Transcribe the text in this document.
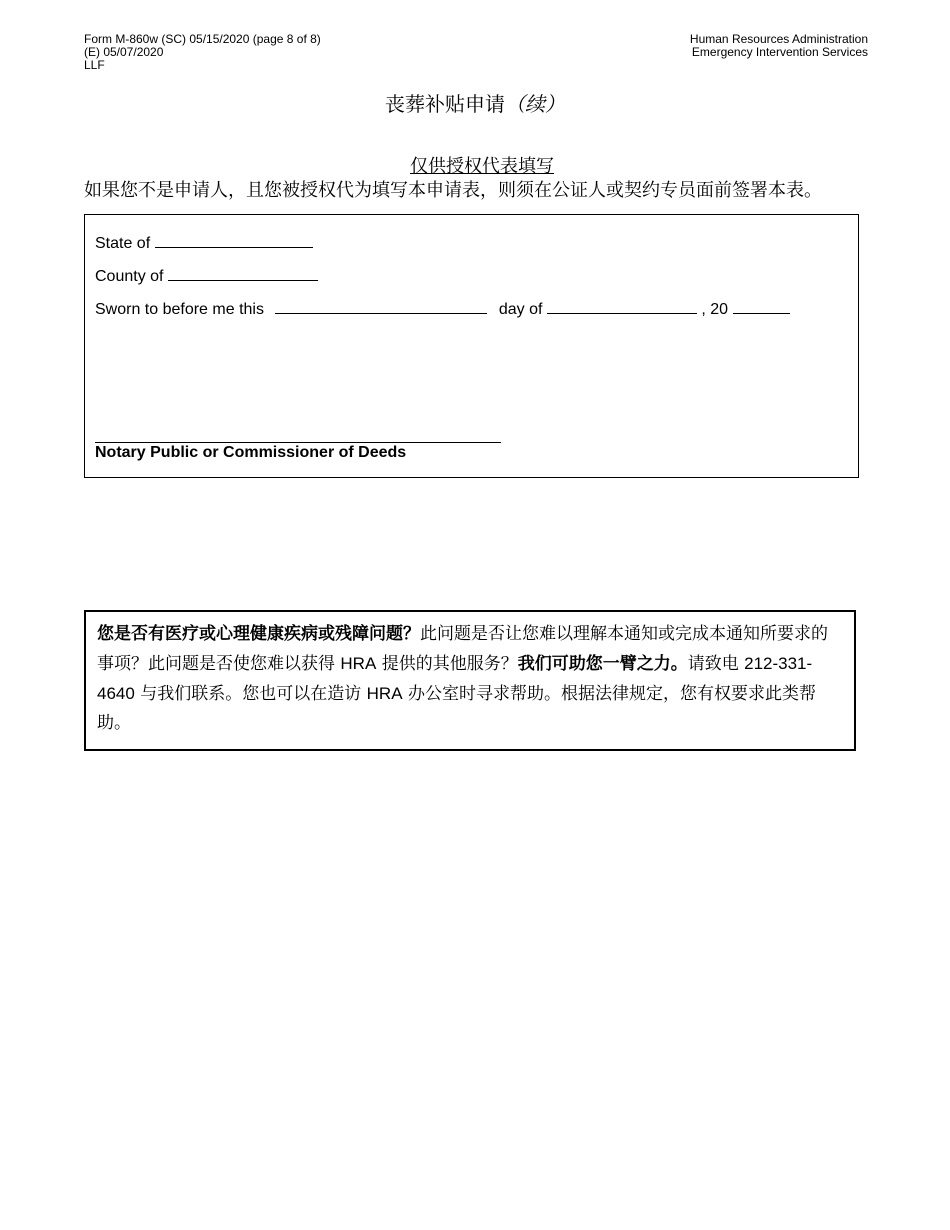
Form M-860w (SC) 05/15/2020 (page 8 of 8)
(E) 05/07/2020
LLF
Human Resources Administration
Emergency Intervention Services
丧葬补贴申请（续）
仅供授权代表填写
如果您不是申请人，且您被授权代为填写本申请表，则须在公证人或契约专员面前签署本表。
State of
County of
Sworn to before me this	day of	, 20
Notary Public or Commissioner of Deeds
您是否有医疗或心理健康疾病或残障问题？此问题是否让您难以理解本通知或完成本通知所要求的事项？此问题是否使您难以获得 HRA 提供的其他服务？我们可助您一臂之力。请致电 212-331-4640 与我们联系。您也可以在造访 HRA 办公室时寻求帮助。根据法律规定，您有权要求此类帮助。
